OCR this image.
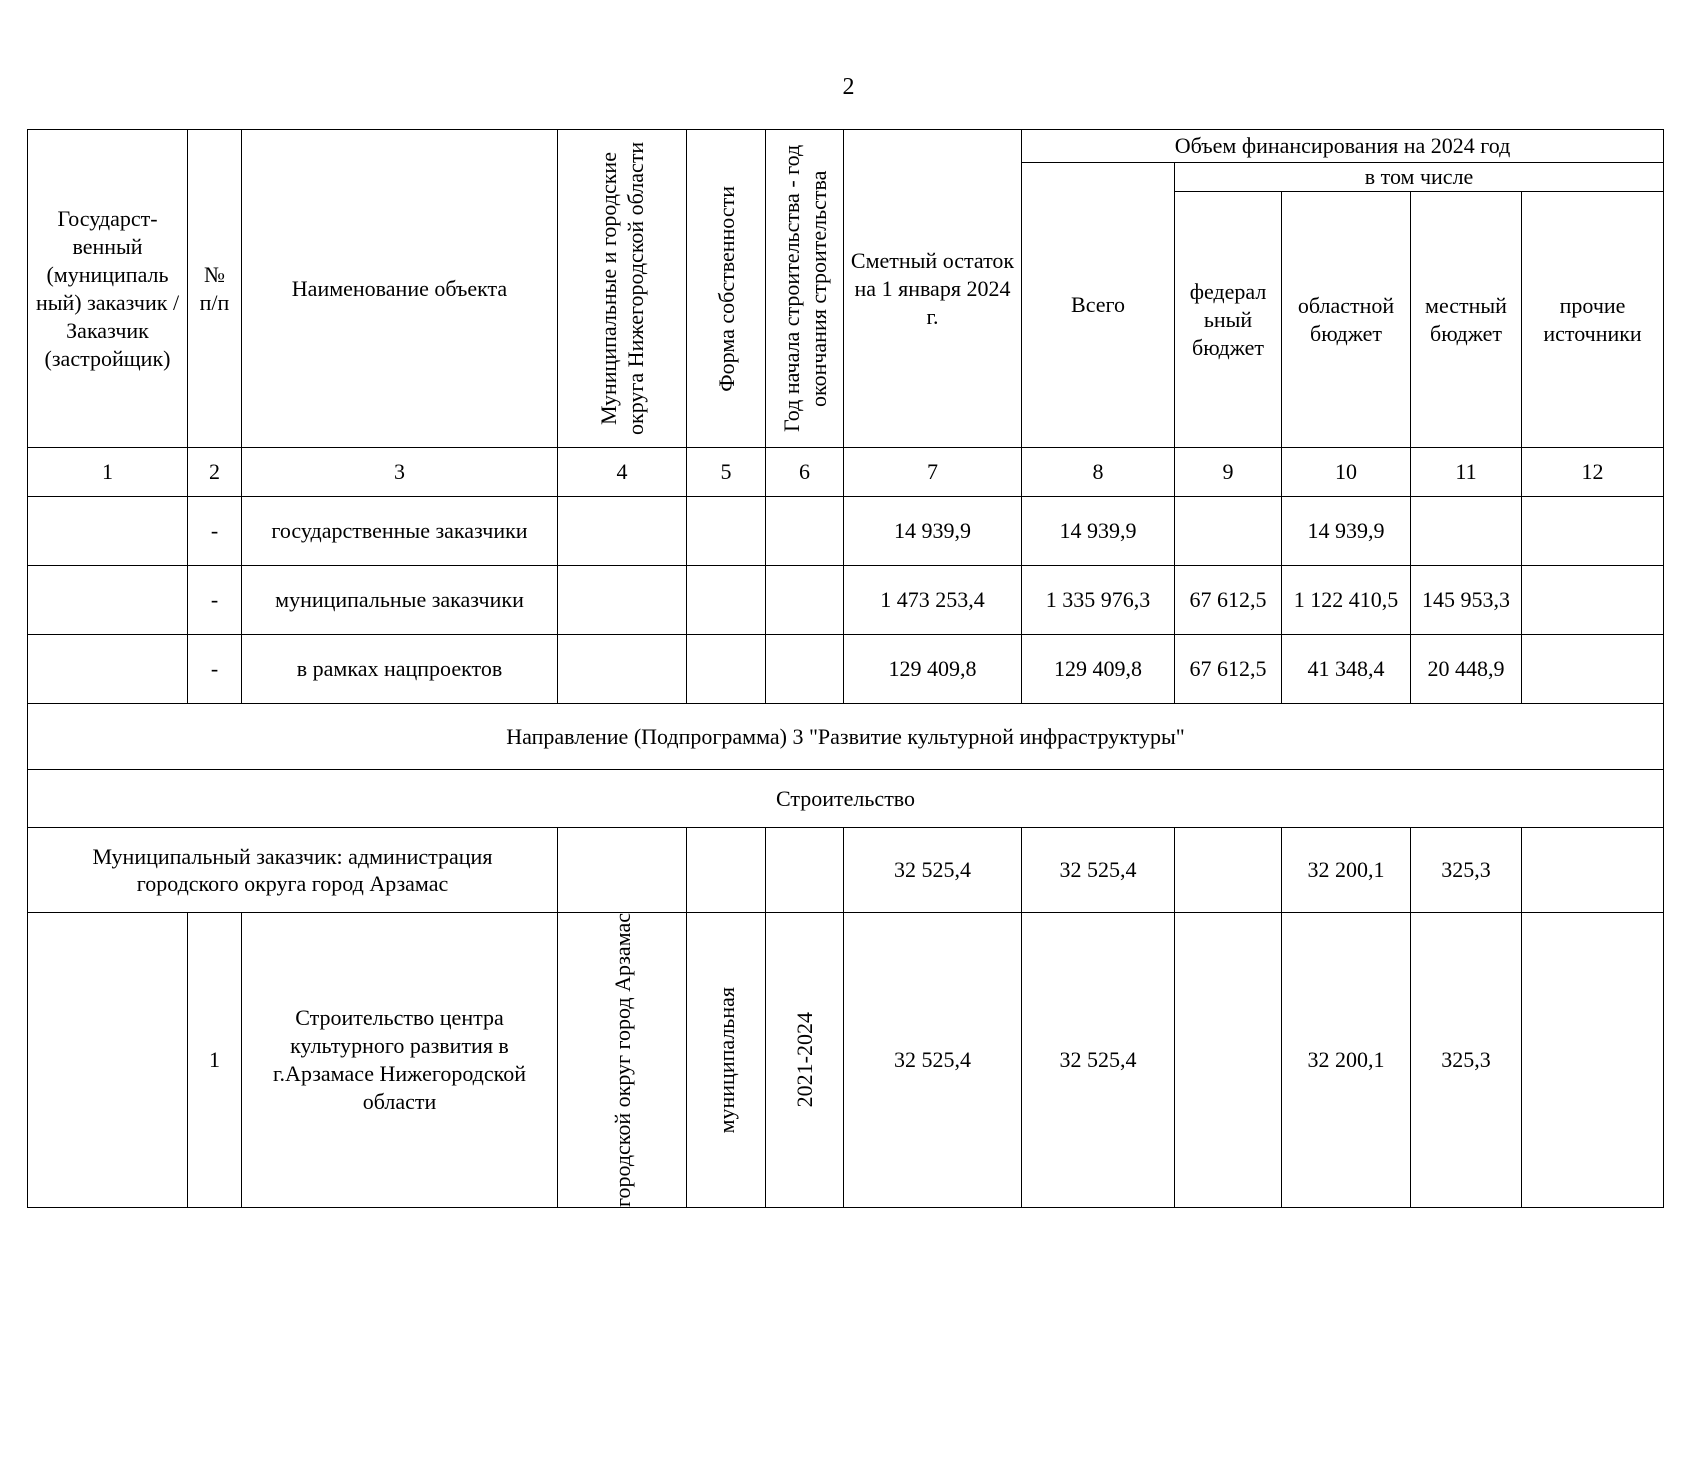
2
Государст-венный (муниципаль ный) заказчик / Заказчик (застройщик)	№ п/п	Наименование объекта	Муниципальные и городские округа Нижегородской области	Форма собственности	Год начала строительства - год окончания строительства	Сметный остаток на 1 января 2024 г.	Объем финансирования на 2024 год				
							Всего	в том числе			
								федерал ьный бюджет	областной бюджет	местный бюджет	прочие источники
1	2	3	4	5	6	7	8	9	10	11	12
	-	государственные заказчики				14 939,9	14 939,9		14 939,9		
	-	муниципальные заказчики				1 473 253,4	1 335 976,3	67 612,5	1 122 410,5	145 953,3	
	-	в рамках нацпроектов				129 409,8	129 409,8	67 612,5	41 348,4	20 448,9	
Направление (Подпрограмма) 3 "Развитие культурной инфраструктуры"											
Строительство											
Муниципальный заказчик: администрация городского округа город Арзамас						32 525,4	32 525,4		32 200,1	325,3	
	1	Строительство центра культурного развития в г.Арзамасе Нижегородской области	городской округ город Арзамас	муниципальная	2021-2024	32 525,4	32 525,4		32 200,1	325,3	
